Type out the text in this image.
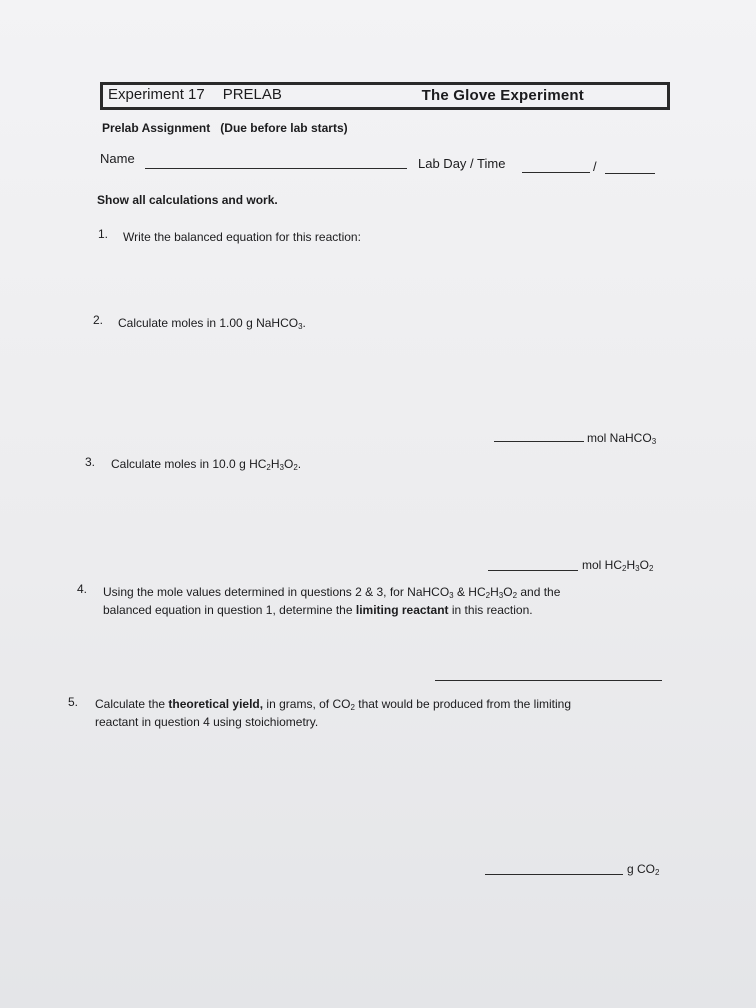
Experiment 17 PRELAB	The Glove Experiment
Prelab Assignment (Due before lab starts)
Name	Lab Day / Time	/
Show all calculations and work.
1. Write the balanced equation for this reaction:
2. Calculate moles in 1.00 g NaHCO$_3$.
mol NaHCO$_3$
3. Calculate moles in 10.0 g $HC_2H_3O_2$.
mol $HC_2H_3O_2$
4. Using the mole values determined in questions 2 & 3, for NaHCO$_3$ & $HC_2H_3O_2$ and the
balanced equation in question 1, determine the limiting reactant in this reaction.
5. Calculate the theoretical yield, in grams, of $CO_2$ that would be produced from the limiting
reactant in question 4 using stoichiometry.
g $CO_2$
